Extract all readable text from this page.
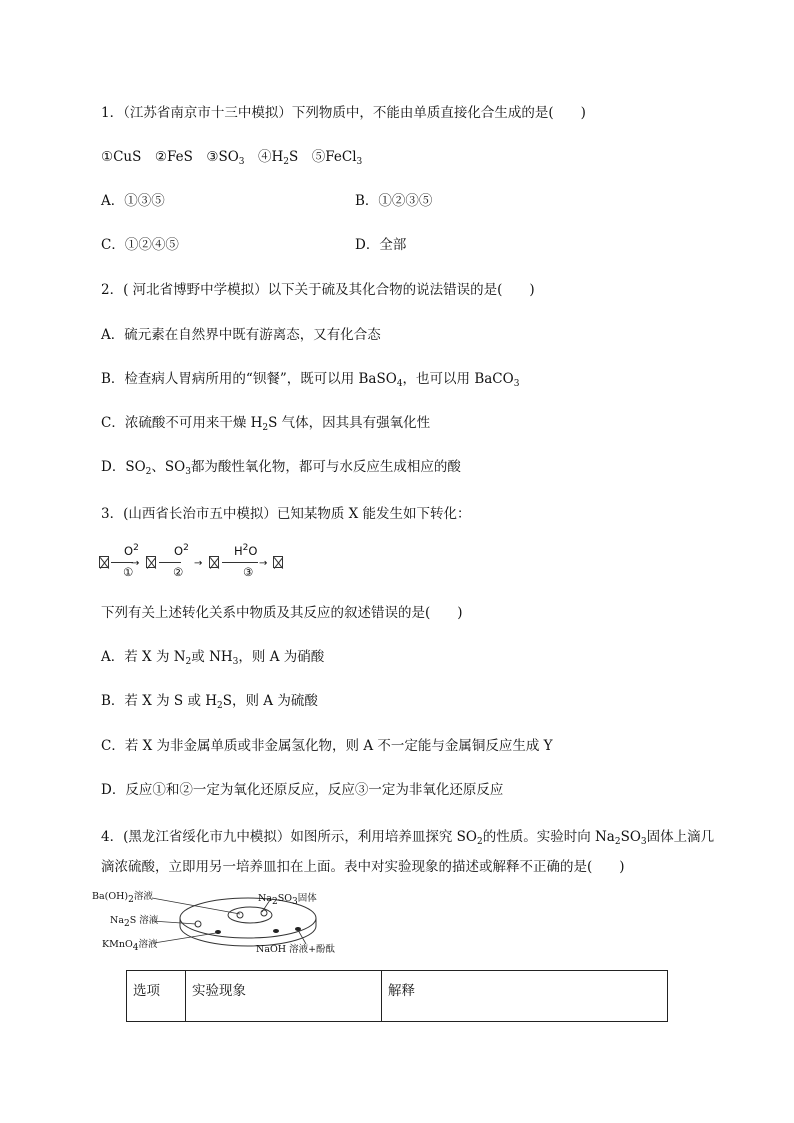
1．（江苏省南京市十三中模拟）下列物质中，不能由单质直接化合生成的是(　　)
①CuS　②FeS　$③SO_3$　$④H_2S$　⑤FeCl$_3$
A．①③⑤	B．①②③⑤
C．①②④⑤	D．全部
2．( 河北省博野中学模拟）以下关于硫及其化合物的说法错误的是(　　)
A．硫元素在自然界中既有游离态，又有化合态
B．检查病人胃病所用的“钡餐”，既可以用 BaSO$_4$，也可以用 BaCO$_3$
C．浓硫酸不可用来干燥 $H_2S$ 气体，因其具有强氧化性
D．$SO_2$、$SO_3$都为酸性氧化物，都可与水反应生成相应的酸
3．(山西省长治市五中模拟）已知某物质 X 能发生如下转化：
$O^2$
①
→
$O^2$
②
→
$H^2O$
③
→
下列有关上述转化关系中物质及其反应的叙述错误的是(　　)
A．若 X 为 $N_2$或 $NH_3$，则 A 为硝酸
B．若 X 为 S 或 $H_2S$，则 A 为硫酸
C．若 X 为非金属单质或非金属氢化物，则 A 不一定能与金属铜反应生成 Y
D．反应①和②一定为氧化还原反应，反应③一定为非氧化还原反应
4．(黑龙江省绥化市九中模拟）如图所示，利用培养皿探究 $SO_2$的性质。实验时向 $Na_2SO_3$固体上滴几
滴浓硫酸，立即用另一培养皿扣在上面。表中对实验现象的描述或解释不正确的是(　　)
$Ba(OH)_2$溶液
$Na_2S$ 溶液
KMnO$_4$溶液
$Na_2SO_3$固体
NaOH 溶液+酚酞
选项	实验现象	解释
